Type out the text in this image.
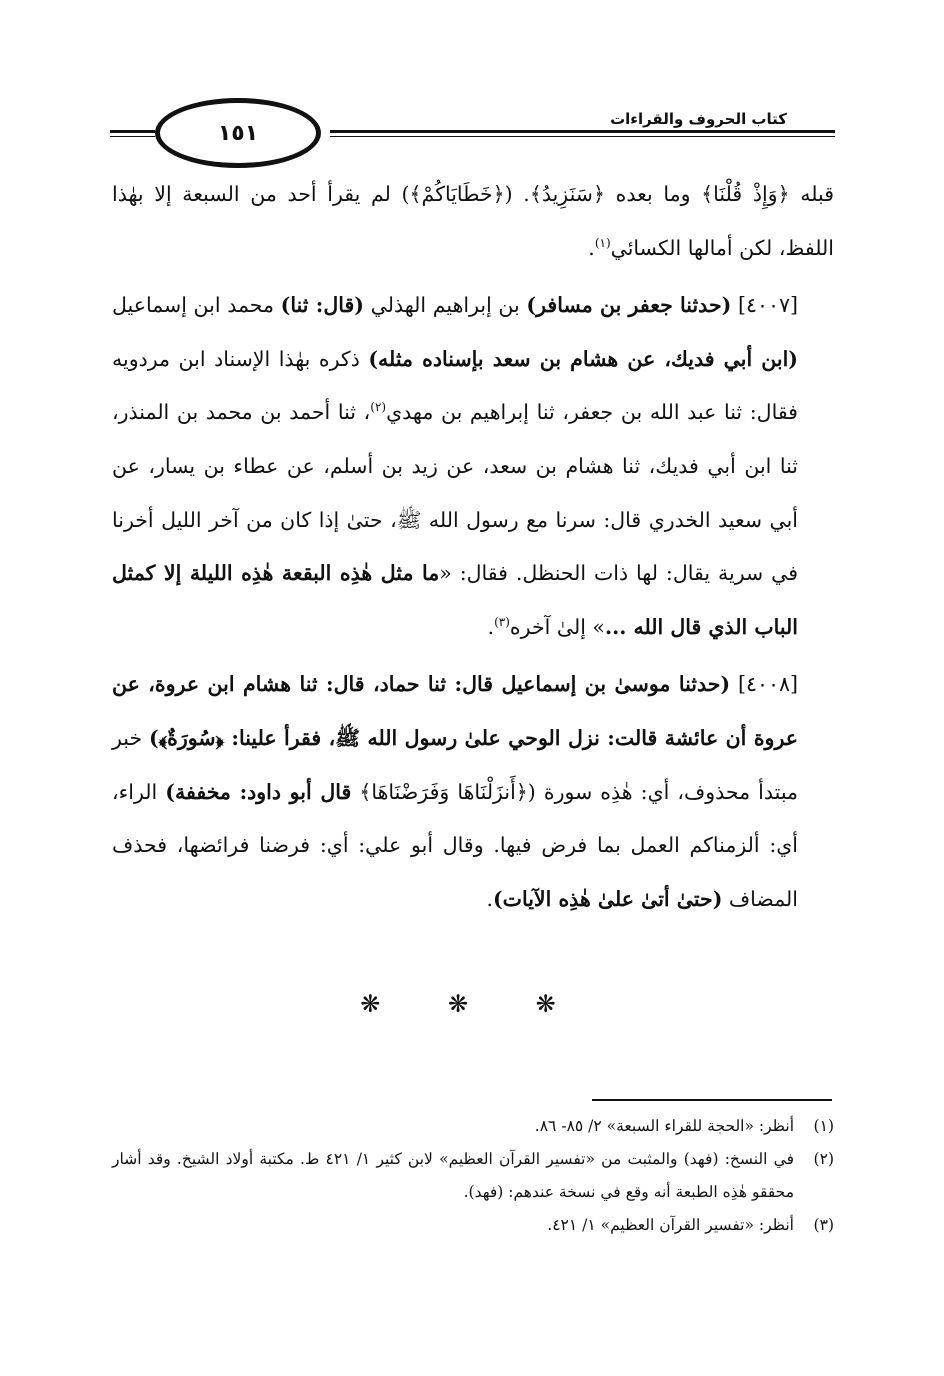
١٥١
كتاب الحروف والقراءات

قبله ﴿وَإِذْ قُلْنَا﴾ وما بعده ﴿سَنَزِيدُ﴾. (﴿خَطَايَاكُمْ﴾) لم يقرأ أحد من السبعة إلا بهٰذا اللفظ، لكن أمالها الكسائي$^{(١)}$.

[٤٠٠٧] (حدثنا جعفر بن مسافر) بن إبراهيم الهذلي (قال: ثنا) محمد ابن إسماعيل (ابن أبي فديك، عن هشام بن سعد بإسناده مثله) ذكره بهٰذا الإسناد ابن مردويه فقال: ثنا عبد الله بن جعفر، ثنا إبراهيم بن مهدي$^{(٢)}$، ثنا أحمد بن محمد بن المنذر، ثنا ابن أبي فديك، ثنا هشام بن سعد، عن زيد بن أسلم، عن عطاء بن يسار، عن أبي سعيد الخدري قال: سرنا مع رسول الله ﷺ، حتىٰ إذا كان من آخر الليل أخرنا في سرية يقال: لها ذات الحنظل. فقال: «ما مثل هٰذِه البقعة هٰذِه الليلة إلا كمثل الباب الذي قال الله ...» إلىٰ آخره$^{(٣)}$.

[٤٠٠٨] (حدثنا موسىٰ بن إسماعيل قال: ثنا حماد، قال: ثنا هشام ابن عروة، عن عروة أن عائشة قالت: نزل الوحي علىٰ رسول الله ﷺ، فقرأ علينا: ﴿سُورَةٌ﴾) خبر مبتدأ محذوف، أي: هٰذِه سورة (﴿أَنزَلْنَاهَا وَفَرَضْنَاهَا﴾ قال أبو داود: مخففة) الراء، أي: ألزمناكم العمل بما فرض فيها. وقال أبو علي: أي: فرضنا فرائضها، فحذف المضاف (حتىٰ أتىٰ علىٰ هٰذِه الآيات).

❋ ❋ ❋
(١)
أنظر: «الحجة للقراء السبعة» ٢/ ٨٥- ٨٦.
(٢)
في النسخ: (فهد) والمثبت من «تفسير القرآن العظيم» لابن كثير ١/ ٤٢١ ط. مكتبة أولاد الشيخ. وقد أشار محققو هٰذِه الطبعة أنه وقع في نسخة عندهم: (فهد).
(٣)
أنظر: «تفسير القرآن العظيم» ١/ ٤٢١.
